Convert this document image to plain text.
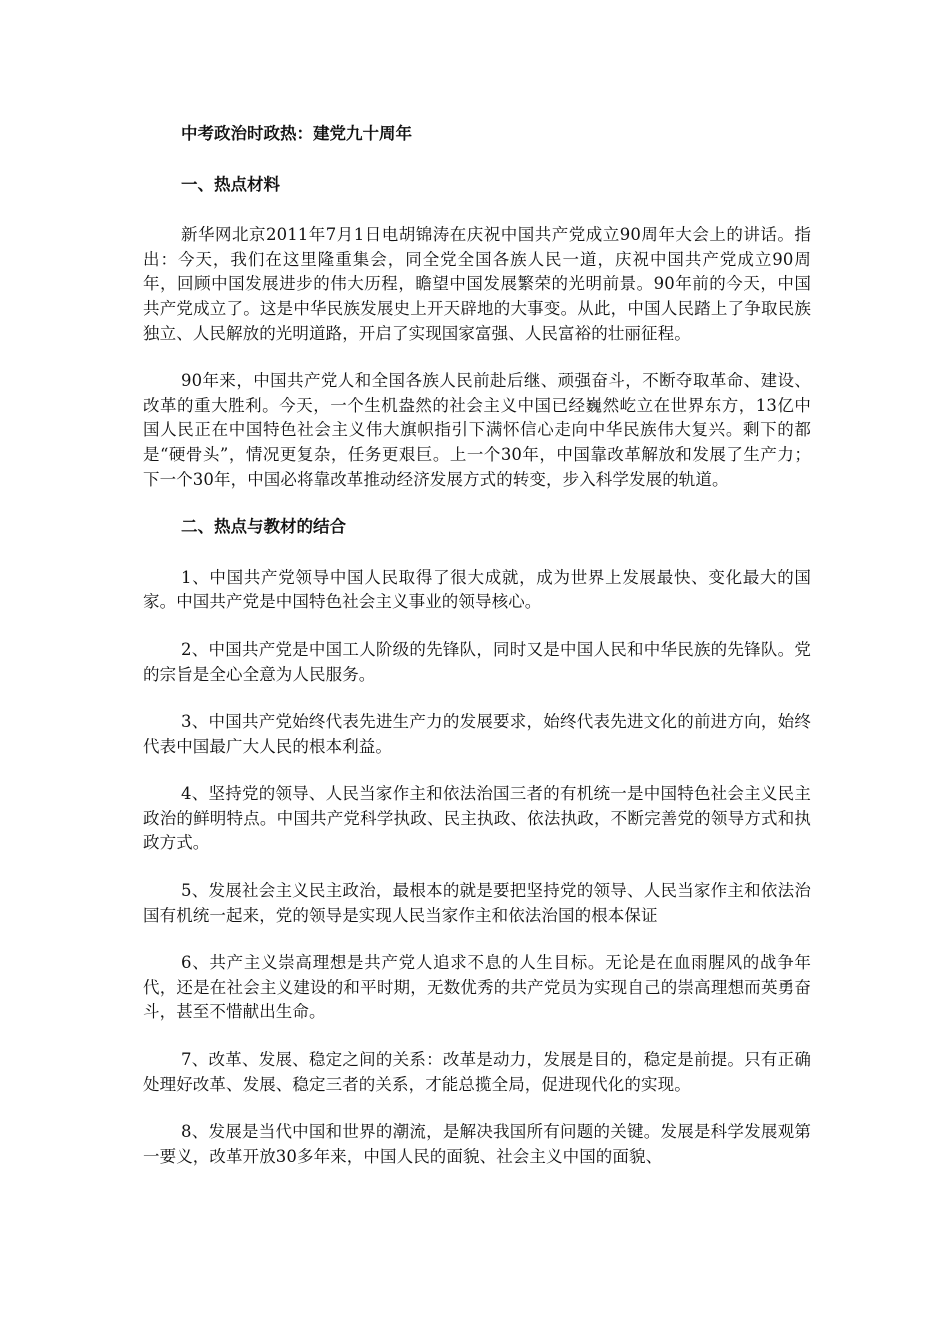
中考政治时政热：建党九十周年
一、热点材料

新华网北京2011年7月1日电胡锦涛在庆祝中国共产党成立90周年大会上的讲话。指出：今天，我们在这里隆重集会，同全党全国各族人民一道，庆祝中国共产党成立90周年，回顾中国发展进步的伟大历程，瞻望中国发展繁荣的光明前景。90年前的今天，中国共产党成立了。这是中华民族发展史上开天辟地的大事变。从此，中国人民踏上了争取民族独立、人民解放的光明道路，开启了实现国家富强、人民富裕的壮丽征程。

90年来，中国共产党人和全国各族人民前赴后继、顽强奋斗，不断夺取革命、建设、改革的重大胜利。今天，一个生机盎然的社会主义中国已经巍然屹立在世界东方，13亿中国人民正在中国特色社会主义伟大旗帜指引下满怀信心走向中华民族伟大复兴。剩下的都是“硬骨头”，情况更复杂，任务更艰巨。上一个30年，中国靠改革解放和发展了生产力；下一个30年，中国必将靠改革推动经济发展方式的转变，步入科学发展的轨道。

二、热点与教材的结合

1、中国共产党领导中国人民取得了很大成就，成为世界上发展最快、变化最大的国家。中国共产党是中国特色社会主义事业的领导核心。

2、中国共产党是中国工人阶级的先锋队，同时又是中国人民和中华民族的先锋队。党的宗旨是全心全意为人民服务。

3、中国共产党始终代表先进生产力的发展要求，始终代表先进文化的前进方向，始终代表中国最广大人民的根本利益。

4、坚持党的领导、人民当家作主和依法治国三者的有机统一是中国特色社会主义民主政治的鲜明特点。中国共产党科学执政、民主执政、依法执政，不断完善党的领导方式和执政方式。

5、发展社会主义民主政治，最根本的就是要把坚持党的领导、人民当家作主和依法治国有机统一起来，党的领导是实现人民当家作主和依法治国的根本保证

6、共产主义崇高理想是共产党人追求不息的人生目标。无论是在血雨腥风的战争年代，还是在社会主义建设的和平时期，无数优秀的共产党员为实现自己的崇高理想而英勇奋斗，甚至不惜献出生命。

7、改革、发展、稳定之间的关系：改革是动力，发展是目的，稳定是前提。只有正确处理好改革、发展、稳定三者的关系，才能总揽全局，促进现代化的实现。

8、发展是当代中国和世界的潮流，是解决我国所有问题的关键。发展是科学发展观第一要义，改革开放30多年来，中国人民的面貌、社会主义中国的面貌、
